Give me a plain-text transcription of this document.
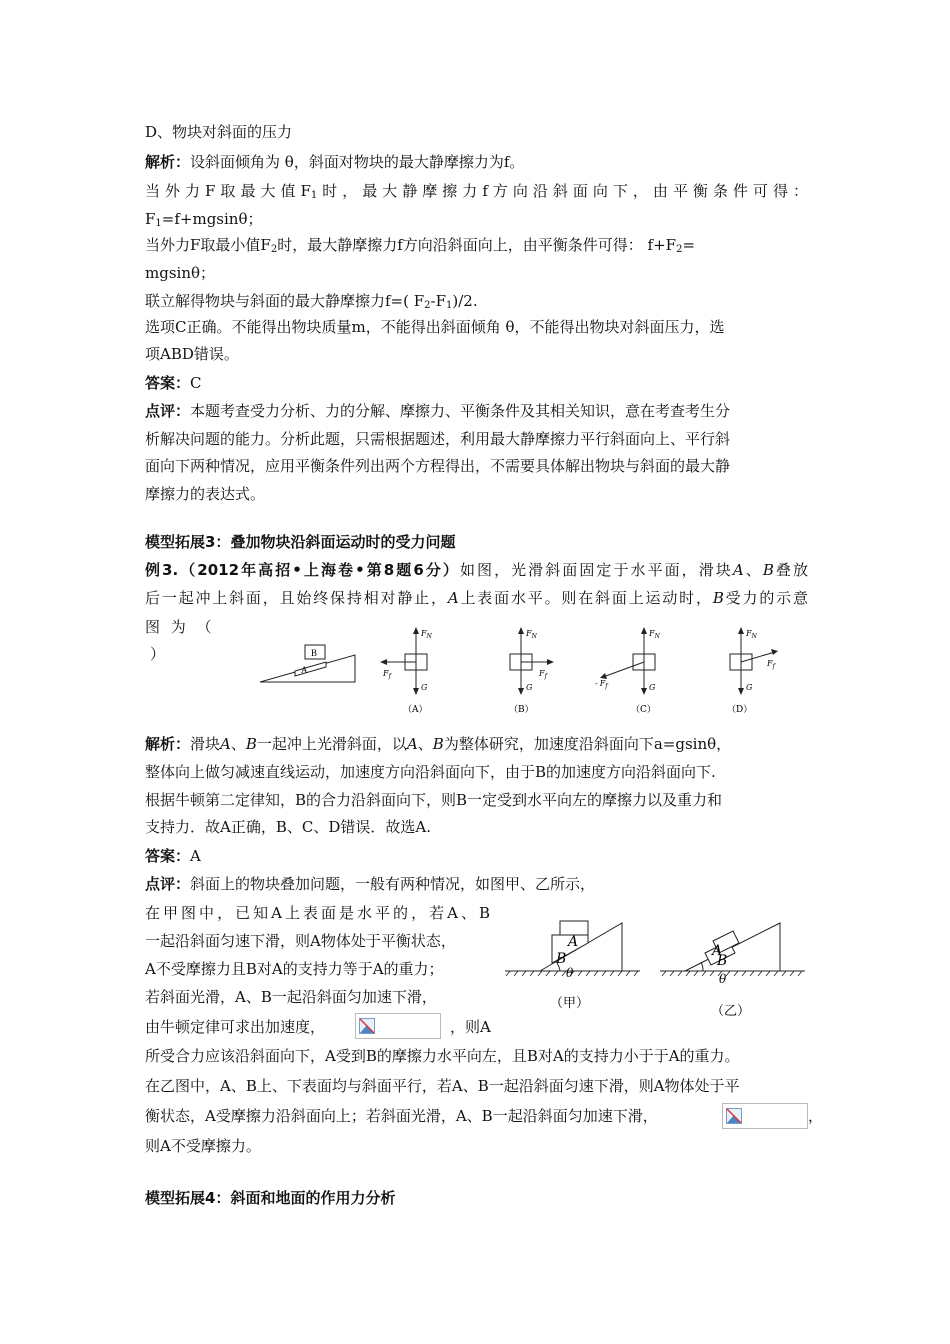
D、物块对斜面的压力
解析：设斜面倾角为 θ，斜面对物块的最大静摩擦力为f。
当外力F取最大值$F_1$时，最大静摩擦力f方向沿斜面向下，由平衡条件可得：
$F_1=f+mgsin\theta$；
当外力F取最小值$F_2$时，最大静摩擦力f方向沿斜面向上，由平衡条件可得： $f+F_2=$
mgsinθ；
联立解得物块与斜面的最大静摩擦力f=( $F_2-F_1)/2$.
选项C正确。不能得出物块质量m，不能得出斜面倾角 θ，不能得出物块对斜面压力，选
项ABD错误。
答案：C
点评：本题考查受力分析、力的分解、摩擦力、平衡条件及其相关知识，意在考查考生分
析解决问题的能力。分析此题，只需根据题述，利用最大静摩擦力平行斜面向上、平行斜
面向下两种情况，应用平衡条件列出两个方程得出，不需要具体解出物块与斜面的最大静
摩擦力的表达式。
模型拓展3：叠加物块沿斜面运动时的受力问题
例3.（2012年高招•上海卷•第8题6分）如图，光滑斜面固定于水平面，滑块A、B叠放
后一起冲上斜面，且始终保持相对静止，A上表面水平。则在斜面上运动时，B受力的示意
图 为 （
）
A
B
$F_N$
$F_f$
G
（A）
$F_N$
$F_f$
G
（B）
$F_N$
- $F_f$	G
（C）
$F_N$
$F_f$
G
（D）
解析：滑块A、B一起冲上光滑斜面，以A、B为整体研究，加速度沿斜面向下a=gsinθ，
整体向上做匀减速直线运动，加速度方向沿斜面向下，由于B的加速度方向沿斜面向下.
根据牛顿第二定律知，B的合力沿斜面向下，则B一定受到水平向左的摩擦力以及重力和
支持力．故A正确，B、C、D错误．故选A.
答案：A
点评：斜面上的物块叠加问题，一般有两种情况，如图甲、乙所示，
在甲图中，已知A上表面是水平的，若A、B
一起沿斜面匀速下滑，则A物体处于平衡状态，
A不受摩擦力且B对A的支持力等于A的重力；
若斜面光滑，A、B一起沿斜面匀加速下滑，
由牛顿定律可求出加速度，	，则A
A
B
θ
（甲）
A
B
θ
（乙）
所受合力应该沿斜面向下，A受到B的摩擦力水平向左，且B对A的支持力小于于A的重力。
在乙图中，A、B上、下表面均与斜面平行，若A、B一起沿斜面匀速下滑，则A物体处于平
衡状态，A受摩擦力沿斜面向上；若斜面光滑，A、B一起沿斜面匀加速下滑，	，
则A不受摩擦力。
模型拓展4：斜面和地面的作用力分析
